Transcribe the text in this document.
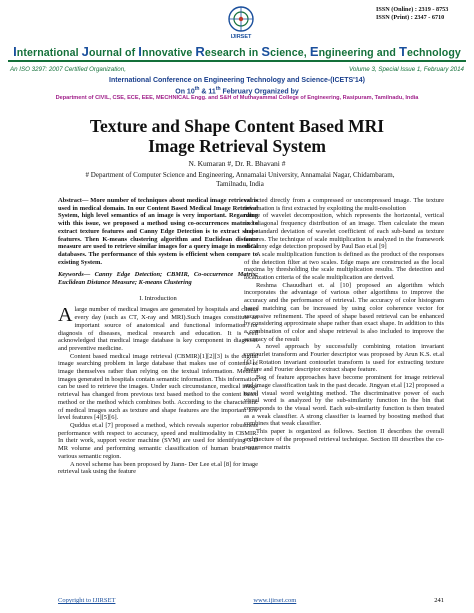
ISSN (Online) : 2319 - 8753
ISSN (Print) : 2347 - 6710
IJIRSET
International Journal of Innovative Research in Science, Engineering and Technology
An ISO 3297: 2007 Certified Organization,	Volume 3, Special Issue 1, February 2014
International Conference on Engineering Technology and Science-(ICETS'14)
On 10th & 11th February Organized by
Department of CIVIL, CSE, ECE, EEE, MECHNICAL Engg. and S&H of Muthayammal College of Engineering, Rasipuram, Tamilnadu, India
Texture and Shape Content Based MRI
Image Retrieval System
N. Kumaran #, Dr. R. Bhavani #
# Department of Computer Science and Engineering, Annamalai University, Annamalai Nagar, Chidambaram,
Tamilnadu, India

Abstract— More number of techniques about medical image retrieval is used in medical domain. In our Content Based Medical Image Retrieval System, high level semantics of an image is very important. Regarding with this issue, we proposed a method using co-occurrences matrix to extract texture features and Canny Edge Detection is to extract shape features. Then K-means clustering algorithm and Euclidean distance measure are used to retrieve similar images for a query image in medical databases. The performance of this system is efficient when compare to existing System.

Keywords— Canny Edge Detection; CBMIR, Co-occurrence Matrix; Euclidean Distance Measure; K-means Clustering

I. Introduction

Alarge number of medical images are generated by hospitals and clinics every day (such as CT, X-ray and MRI).Such images constitute an important source of anatomical and functional information for diagnosis of diseases, medical research and education. It is well acknowledged that medical image database is key component in diagnosis and preventive medicine.

Content based medical image retrieval (CBMIR)[1][2][3] is the digital image searching problem in large database that makes use of contents of image themselves rather than relying on the textual information. Medical images generated in hospitals contain semantic information. This information can be used to retrieve the images. Under such circumstance, medical image retrieval has changed from previous text based method to the content based method or the method which combines both. According to the characteristic of medical images such as texture and shape features are the important low level features [4][5][6].

Quddus et.al [7] proposed a method, which reveals superior robustness performance with respect to accuracy, speed and multimodality in CBMIR. In their work, support vector machine (SVM) are used for identifying 3-D MR volume and performing semantic classification of human brain into various semantic region.

A novel scheme has been proposed by Jiann- Der Lee et.al [8] for image retrieval task using the feature

extracted directly from a compressed or uncompressed image. The texture information is first extracted by exploiting the multi-resolution

nature of wavelet decomposition, which represents the horizontal, vertical and diagonal frequency distribution of an image. Then calculate the mean and standard deviation of wavelet coefficient of each sub-band as texture features. The technique of scale multiplication is analyzed in the framework of Canny edge detection proposed by Paul Bao et.al [9]

A scale multiplication function is defined as the product of the responses of the detection filter at two scales. Edge maps are constructed as the local maxima by thresholding the scale multiplication results. The detection and localization criteria of the scale multiplication are derived.

Reshma Chauudhari et. al [10] proposed an algorithm which incorporates the advantage of various other algorithms to improve the accuracy and the performance of retrieval. The accuracy of color histogram based matching can be increased by using color coherence vector for successive refinement. The speed of shape based retrieval can be enhanced by considering approximate shape rather than exact shape. In addition to this a combination of color and shape retrieval is also included to improve the accuracy of the result

A novel approach by successfully combining rotation invariant contourlet transform and Fourier descriptor was proposed by Arun K.S. et.al [11]. Rotation invariant contourlet transform is used for extracting texture feature and Fourier descriptor extract shape feature.

Bag of feature approaches have become prominent for image retrieval and image classification task in the past decade. Jingyan et.al [12] proposed a novel visual word weighting method. The discriminative power of each visual word is analyzed by the sub-similarity function in the bin that corresponds to the visual word. Each sub-similarity function is then treated as a weak classifier. A strong classifier is learned by boosting method that combines that weak classifier.

This paper is organized as follows. Section II describes the overall architecture of the proposed retrieval technique. Section III describes the co-occurrence matrix

Copyright to IJIRSET	www.ijirset.com	241
